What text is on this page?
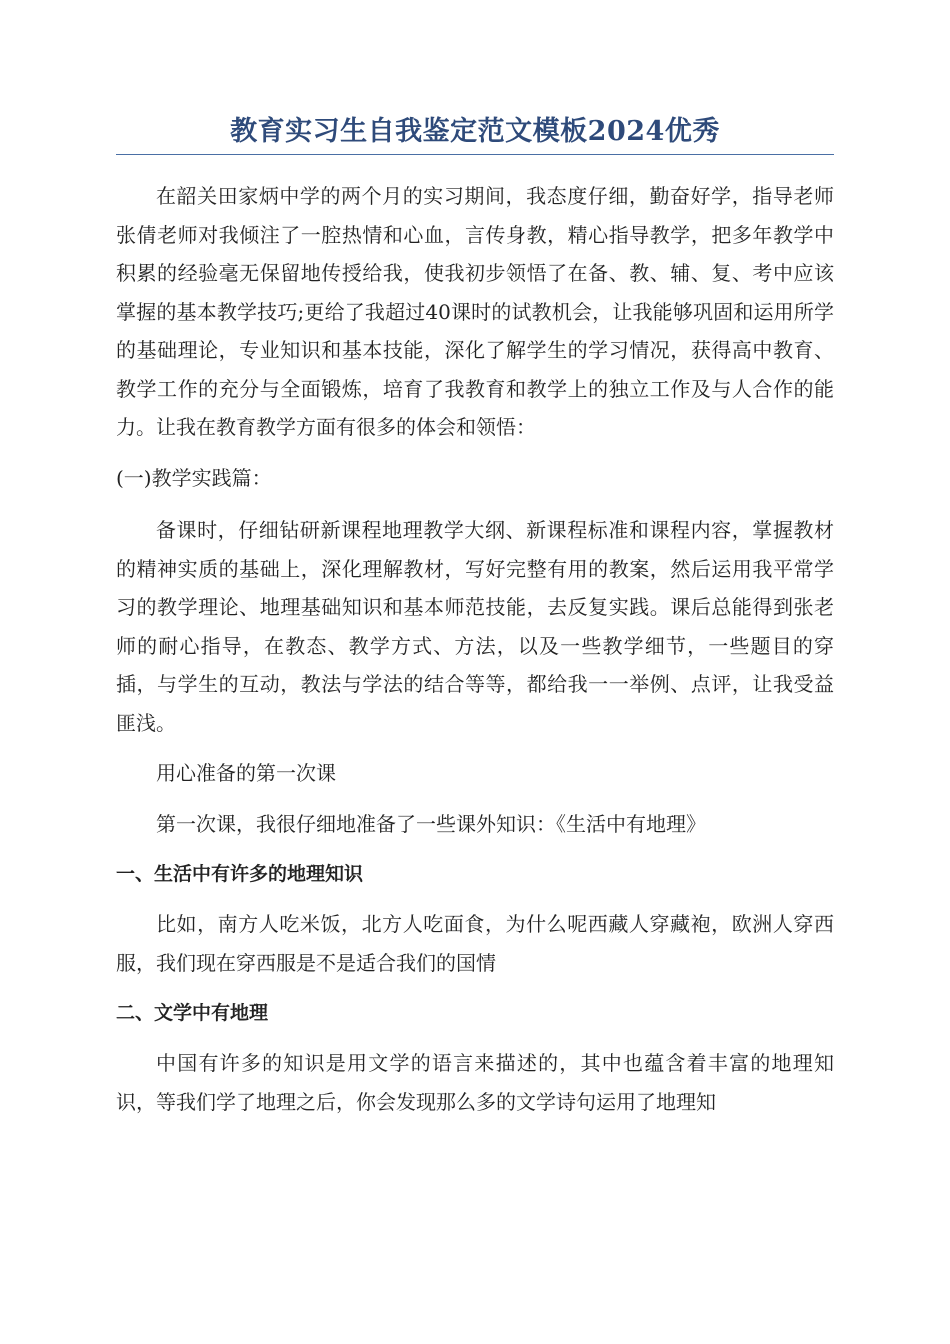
教育实习生自我鉴定范文模板2024优秀

在韶关田家炳中学的两个月的实习期间，我态度仔细，勤奋好学，指导老师张倩老师对我倾注了一腔热情和心血，言传身教，精心指导教学，把多年教学中积累的经验毫无保留地传授给我，使我初步领悟了在备、教、辅、复、考中应该掌握的基本教学技巧;更给了我超过40课时的试教机会，让我能够巩固和运用所学的基础理论，专业知识和基本技能，深化了解学生的学习情况，获得高中教育、教学工作的充分与全面锻炼，培育了我教育和教学上的独立工作及与人合作的能力。让我在教育教学方面有很多的体会和领悟：

(一)教学实践篇：

备课时，仔细钻研新课程地理教学大纲、新课程标准和课程内容，掌握教材的精神实质的基础上，深化理解教材，写好完整有用的教案，然后运用我平常学习的教学理论、地理基础知识和基本师范技能，去反复实践。课后总能得到张老师的耐心指导，在教态、教学方式、方法，以及一些教学细节，一些题目的穿插，与学生的互动，教法与学法的结合等等，都给我一一举例、点评，让我受益匪浅。

用心准备的第一次课

第一次课，我很仔细地准备了一些课外知识：《生活中有地理》

一、生活中有许多的地理知识

比如，南方人吃米饭，北方人吃面食，为什么呢西藏人穿藏袍，欧洲人穿西服，我们现在穿西服是不是适合我们的国情

二、文学中有地理

中国有许多的知识是用文学的语言来描述的，其中也蕴含着丰富的地理知识，等我们学了地理之后，你会发现那么多的文学诗句运用了地理知
